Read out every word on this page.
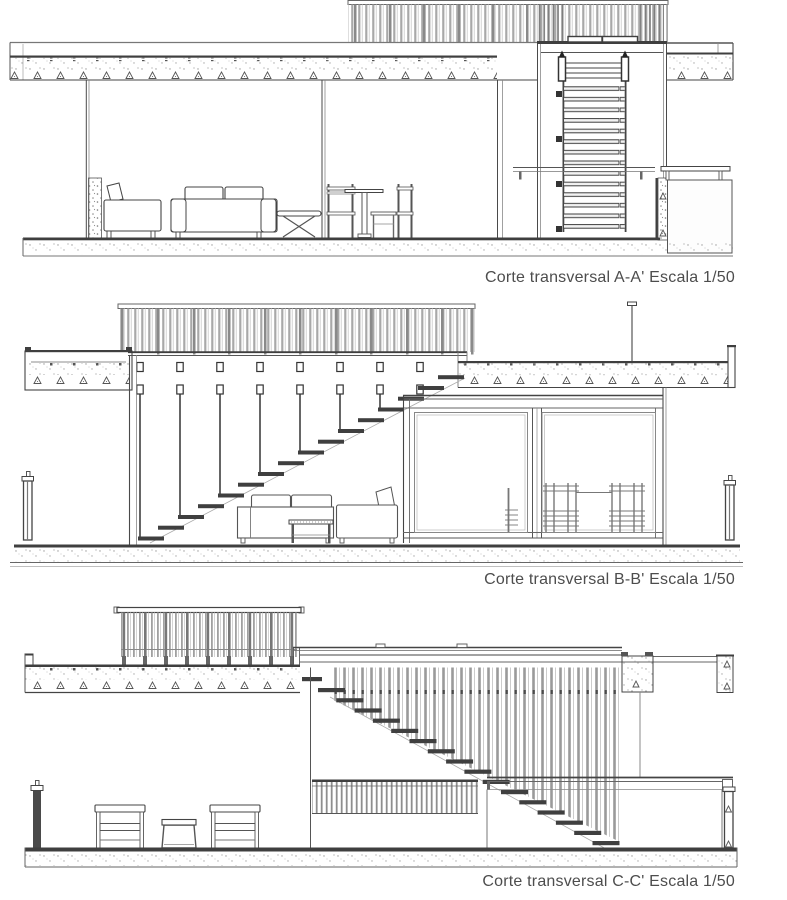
Corte transversal A-A' Escala 1/50
Corte transversal B-B' Escala 1/50
Corte transversal C-C' Escala 1/50
